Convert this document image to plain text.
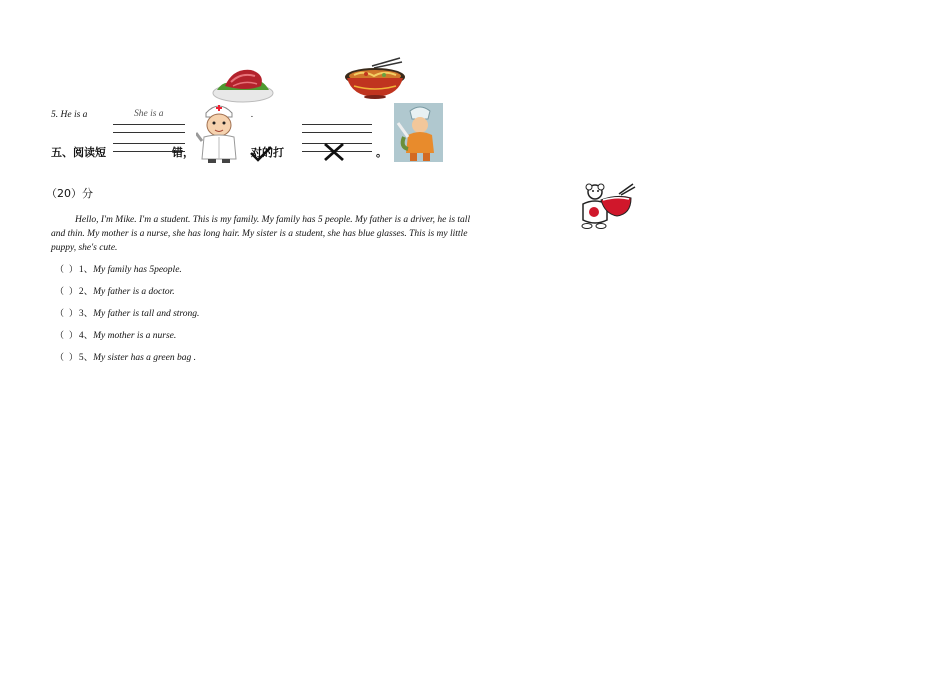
5. He is a	She is a	.
五、阅读短	错，	对的打	。
（20）分

Hello, I'm Mike. I'm a student. This is my family. My family has 5 people. My father is a driver, he is tall and thin. My mother is a nurse, she has long hair. My sister is a student, she has blue glasses. This is my little puppy, she's cute.

（ ）1、My family has 5people.
（ ）2、My father is a doctor.
（ ）3、My father is tall and strong.
（ ）4、My mother is a nurse.
（ ）5、My sister has a green bag .
